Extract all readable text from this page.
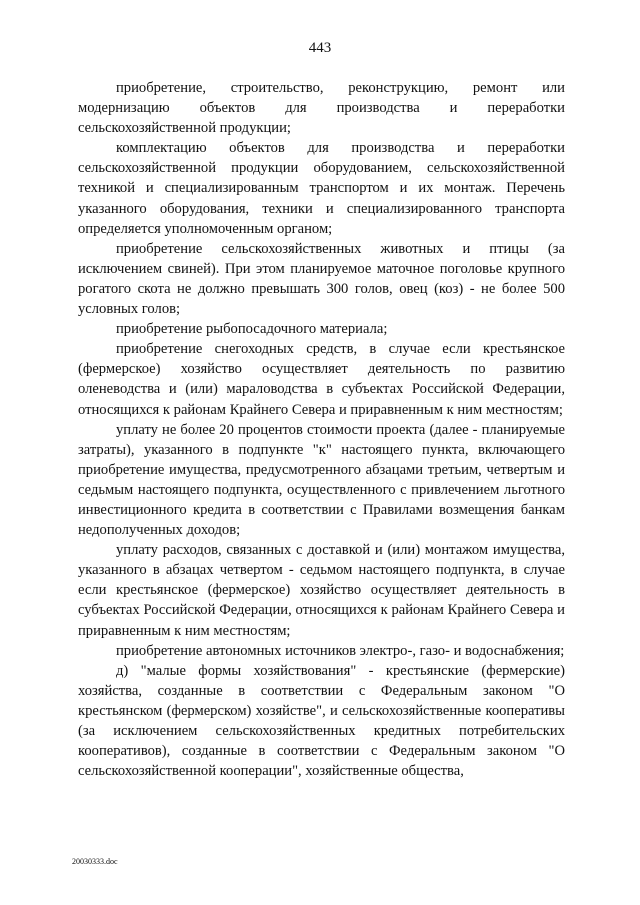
443

приобретение, строительство, реконструкцию, ремонт или модернизацию объектов для производства и переработки сельскохозяйственной продукции;

комплектацию объектов для производства и переработки сельскохозяйственной продукции оборудованием, сельскохозяйственной техникой и специализированным транспортом и их монтаж. Перечень указанного оборудования, техники и специализированного транспорта определяется уполномоченным органом;

приобретение сельскохозяйственных животных и птицы (за исключением свиней). При этом планируемое маточное поголовье крупного рогатого скота не должно превышать 300 голов, овец (коз) - не более 500 условных голов;

приобретение рыбопосадочного материала;

приобретение снегоходных средств, в случае если крестьянское (фермерское) хозяйство осуществляет деятельность по развитию оленеводства и (или) мараловодства в субъектах Российской Федерации, относящихся к районам Крайнего Севера и приравненным к ним местностям;

уплату не более 20 процентов стоимости проекта (далее - планируемые затраты), указанного в подпункте "к" настоящего пункта, включающего приобретение имущества, предусмотренного абзацами третьим, четвертым и седьмым настоящего подпункта, осуществленного с привлечением льготного инвестиционного кредита в соответствии с Правилами возмещения банкам недополученных доходов;

уплату расходов, связанных с доставкой и (или) монтажом имущества, указанного в абзацах четвертом - седьмом настоящего подпункта, в случае если крестьянское (фермерское) хозяйство осуществляет деятельность в субъектах Российской Федерации, относящихся к районам Крайнего Севера и приравненным к ним местностям;

приобретение автономных источников электро-, газо- и водоснабжения;

д) "малые формы хозяйствования" - крестьянские (фермерские) хозяйства, созданные в соответствии с Федеральным законом "О крестьянском (фермерском) хозяйстве", и сельскохозяйственные кооперативы (за исключением сельскохозяйственных кредитных потребительских кооперативов), созданные в соответствии с Федеральным законом "О сельскохозяйственной кооперации", хозяйственные общества,

20030333.doc
